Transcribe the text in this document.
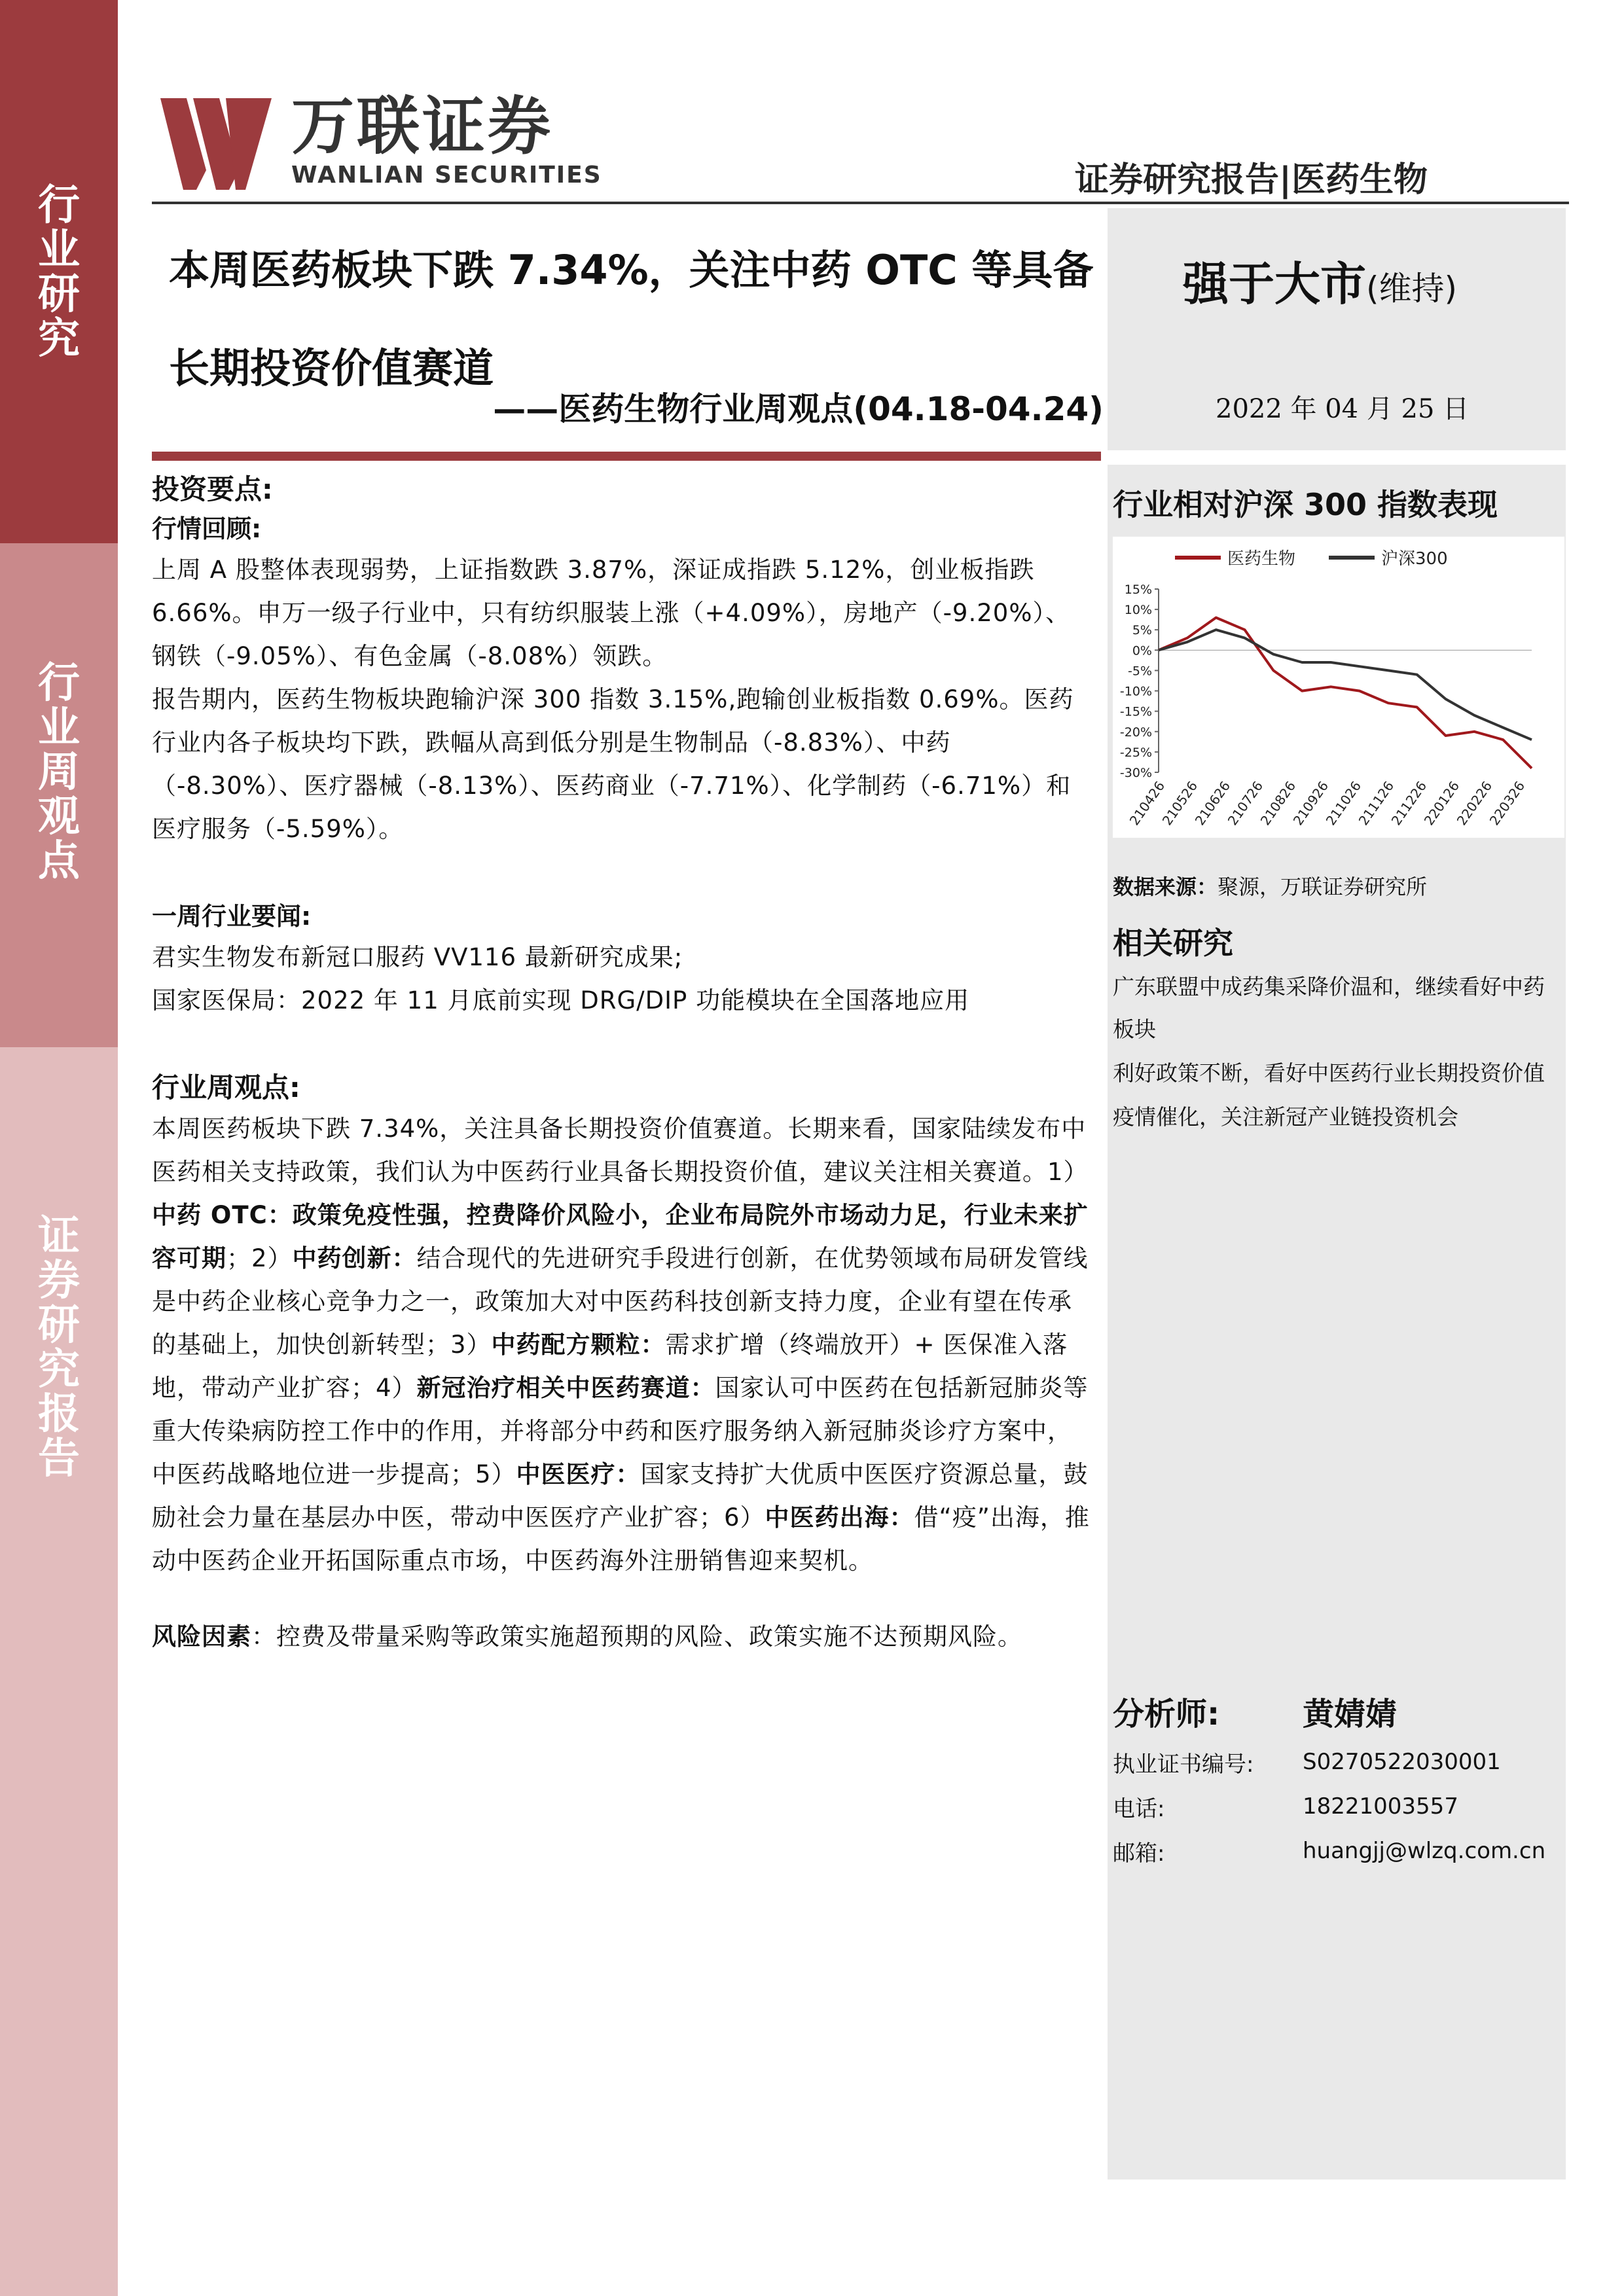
行
业
研
究
行
业
周
观
点
证
券
研
究
报
告
万联证券
WANLIAN SECURITIES	证券研究报告|医药生物
本周医药板块下跌 7.34%，关注中药 OTC 等具备长期投资价值赛道
——医药生物行业周观点(04.18-04.24)
强于大市(维持)
2022 年 04 月 25 日
行业相对沪深 300 指数表现
医药生物	沪深300
15%
10%
5%
0%
-5%
-10%
-15%
-20%
-25%
-30%
210426
210526
210626
210726
210826
210926
211026
211126
211226
220126
220226
220326
数据来源：聚源，万联证券研究所
相关研究
广东联盟中成药集采降价温和，继续看好中药板块
利好政策不断，看好中医药行业长期投资价值
疫情催化，关注新冠产业链投资机会
分析师:	黄婧婧
执业证书编号:	S0270522030001
电话:	18221003557
邮箱:	huangjj@wlzq.com.cn
投资要点:
行情回顾:
上周 A 股整体表现弱势，上证指数跌 3.87%，深证成指跌 5.12%，创业板指跌 6.66%。申万一级子行业中，只有纺织服装上涨（+4.09%），房地产（-9.20%）、钢铁（-9.05%）、有色金属（-8.08%）领跌。
报告期内，医药生物板块跑输沪深 300 指数 3.15%,跑输创业板指数 0.69%。医药行业内各子板块均下跌，跌幅从高到低分别是生物制品（-8.83%）、中药（-8.30%）、医疗器械（-8.13%）、医药商业（-7.71%）、化学制药（-6.71%）和医疗服务（-5.59%）。
一周行业要闻:
君实生物发布新冠口服药 VV116 最新研究成果;
国家医保局：2022 年 11 月底前实现 DRG/DIP 功能模块在全国落地应用
行业周观点:
本周医药板块下跌 7.34%，关注具备长期投资价值赛道。长期来看，国家陆续发布中医药相关支持政策，我们认为中医药行业具备长期投资价值，建议关注相关赛道。1）中药 OTC：政策免疫性强，控费降价风险小，企业布局院外市场动力足，行业未来扩容可期；2）中药创新：结合现代的先进研究手段进行创新，在优势领域布局研发管线是中药企业核心竞争力之一，政策加大对中医药科技创新支持力度，企业有望在传承的基础上，加快创新转型；3）中药配方颗粒：需求扩增（终端放开）+ 医保准入落地，带动产业扩容；4）新冠治疗相关中医药赛道：国家认可中医药在包括新冠肺炎等重大传染病防控工作中的作用，并将部分中药和医疗服务纳入新冠肺炎诊疗方案中，中医药战略地位进一步提高；5）中医医疗：国家支持扩大优质中医医疗资源总量，鼓励社会力量在基层办中医，带动中医医疗产业扩容；6）中医药出海：借“疫”出海，推动中医药企业开拓国际重点市场，中医药海外注册销售迎来契机。
风险因素：控费及带量采购等政策实施超预期的风险、政策实施不达预期风险。
